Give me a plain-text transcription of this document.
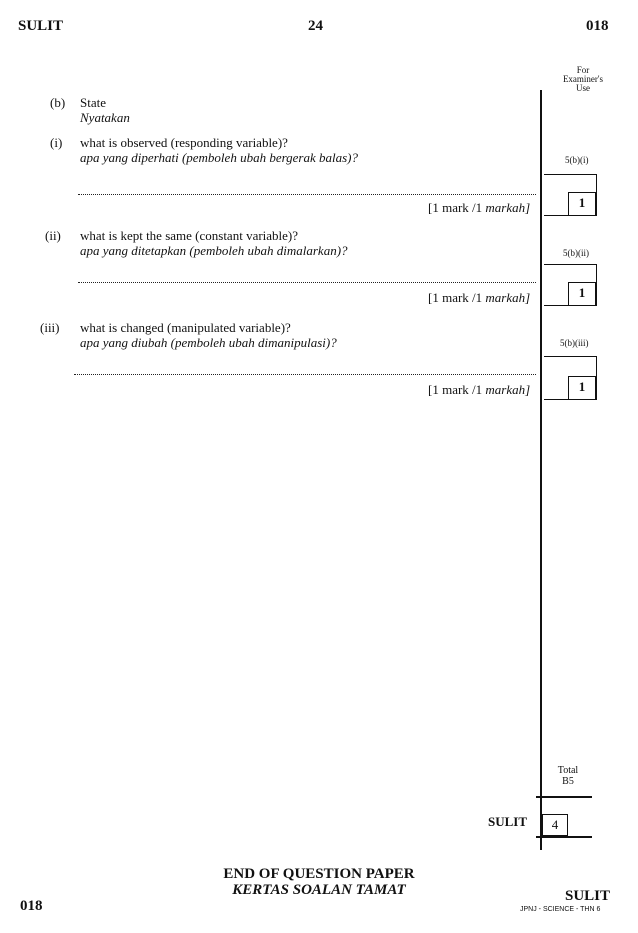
SULIT	24	018
For
Examiner's
Use
(b) State
Nyatakan
(i) what is observed (responding variable)?
apa yang diperhati (pemboleh ubah bergerak balas)?	5(b)(i)
[1 mark /1 markah]	1
(ii) what is kept the same (constant variable)?
apa yang ditetapkan (pemboleh ubah dimalarkan)?	5(b)(ii)
[1 mark /1 markah]	1
(iii) what is changed (manipulated variable)?
apa yang diubah (pemboleh ubah dimanipulasi)?	5(b)(iii)
[1 mark /1 markah]	1
Total
B5
SULIT	4
END OF QUESTION PAPER
KERTAS SOALAN TAMAT
018
SULIT
JPNJ - SCIENCE - THN 6
